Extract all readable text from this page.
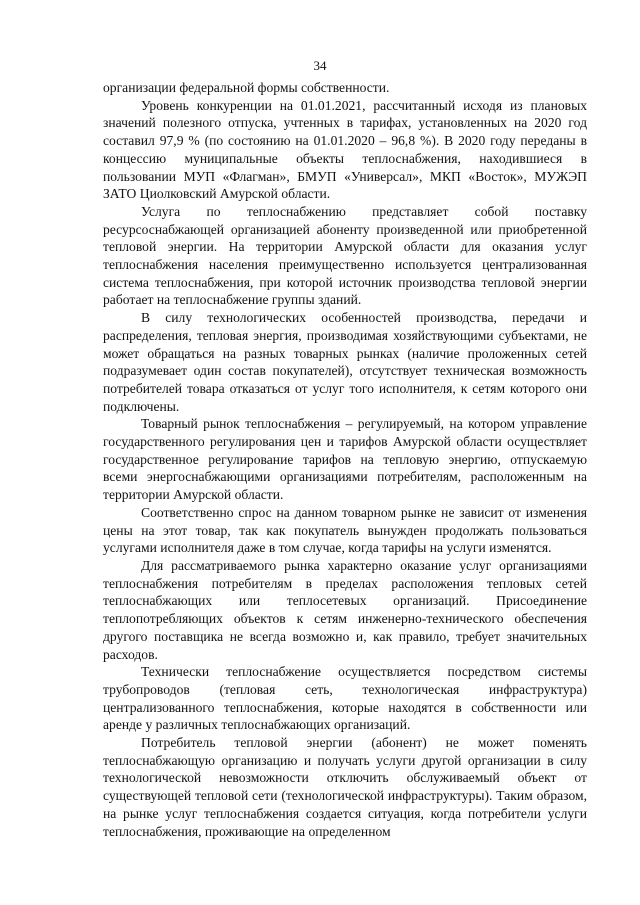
34

организации федеральной формы собственности.

Уровень конкуренции на 01.01.2021, рассчитанный исходя из плановых значений полезного отпуска, учтенных в тарифах, установленных на 2020 год составил 97,9 % (по состоянию на 01.01.2020 – 96,8 %). В 2020 году переданы в концессию муниципальные объекты теплоснабжения, находившиеся в пользовании МУП «Флагман», БМУП «Универсал», МКП «Восток», МУЖЭП ЗАТО Циолковский Амурской области.

Услуга по теплоснабжению представляет собой поставку ресурсоснабжающей организацией абоненту произведенной или приобретенной тепловой энергии. На территории Амурской области для оказания услуг теплоснабжения населения преимущественно используется централизованная система теплоснабжения, при которой источник производства тепловой энергии работает на теплоснабжение группы зданий.

В силу технологических особенностей производства, передачи и распределения, тепловая энергия, производимая хозяйствующими субъектами, не может обращаться на разных товарных рынках (наличие проложенных сетей подразумевает один состав покупателей), отсутствует техническая возможность потребителей товара отказаться от услуг того исполнителя, к сетям которого они подключены.

Товарный рынок теплоснабжения – регулируемый, на котором управление государственного регулирования цен и тарифов Амурской области осуществляет государственное регулирование тарифов на тепловую энергию, отпускаемую всеми энергоснабжающими организациями потребителям, расположенным на территории Амурской области.

Соответственно спрос на данном товарном рынке не зависит от изменения цены на этот товар, так как покупатель вынужден продолжать пользоваться услугами исполнителя даже в том случае, когда тарифы на услуги изменятся.

Для рассматриваемого рынка характерно оказание услуг организациями теплоснабжения потребителям в пределах расположения тепловых сетей теплоснабжающих или теплосетевых организаций. Присоединение теплопотребляющих объектов к сетям инженерно-технического обеспечения другого поставщика не всегда возможно и, как правило, требует значительных расходов.

Технически теплоснабжение осуществляется посредством системы трубопроводов (тепловая сеть, технологическая инфраструктура) централизованного теплоснабжения, которые находятся в собственности или аренде у различных теплоснабжающих организаций.

Потребитель тепловой энергии (абонент) не может поменять теплоснабжающую организацию и получать услуги другой организации в силу технологической невозможности отключить обслуживаемый объект от существующей тепловой сети (технологической инфраструктуры). Таким образом, на рынке услуг теплоснабжения создается ситуация, когда потребители услуги теплоснабжения, проживающие на определенном
